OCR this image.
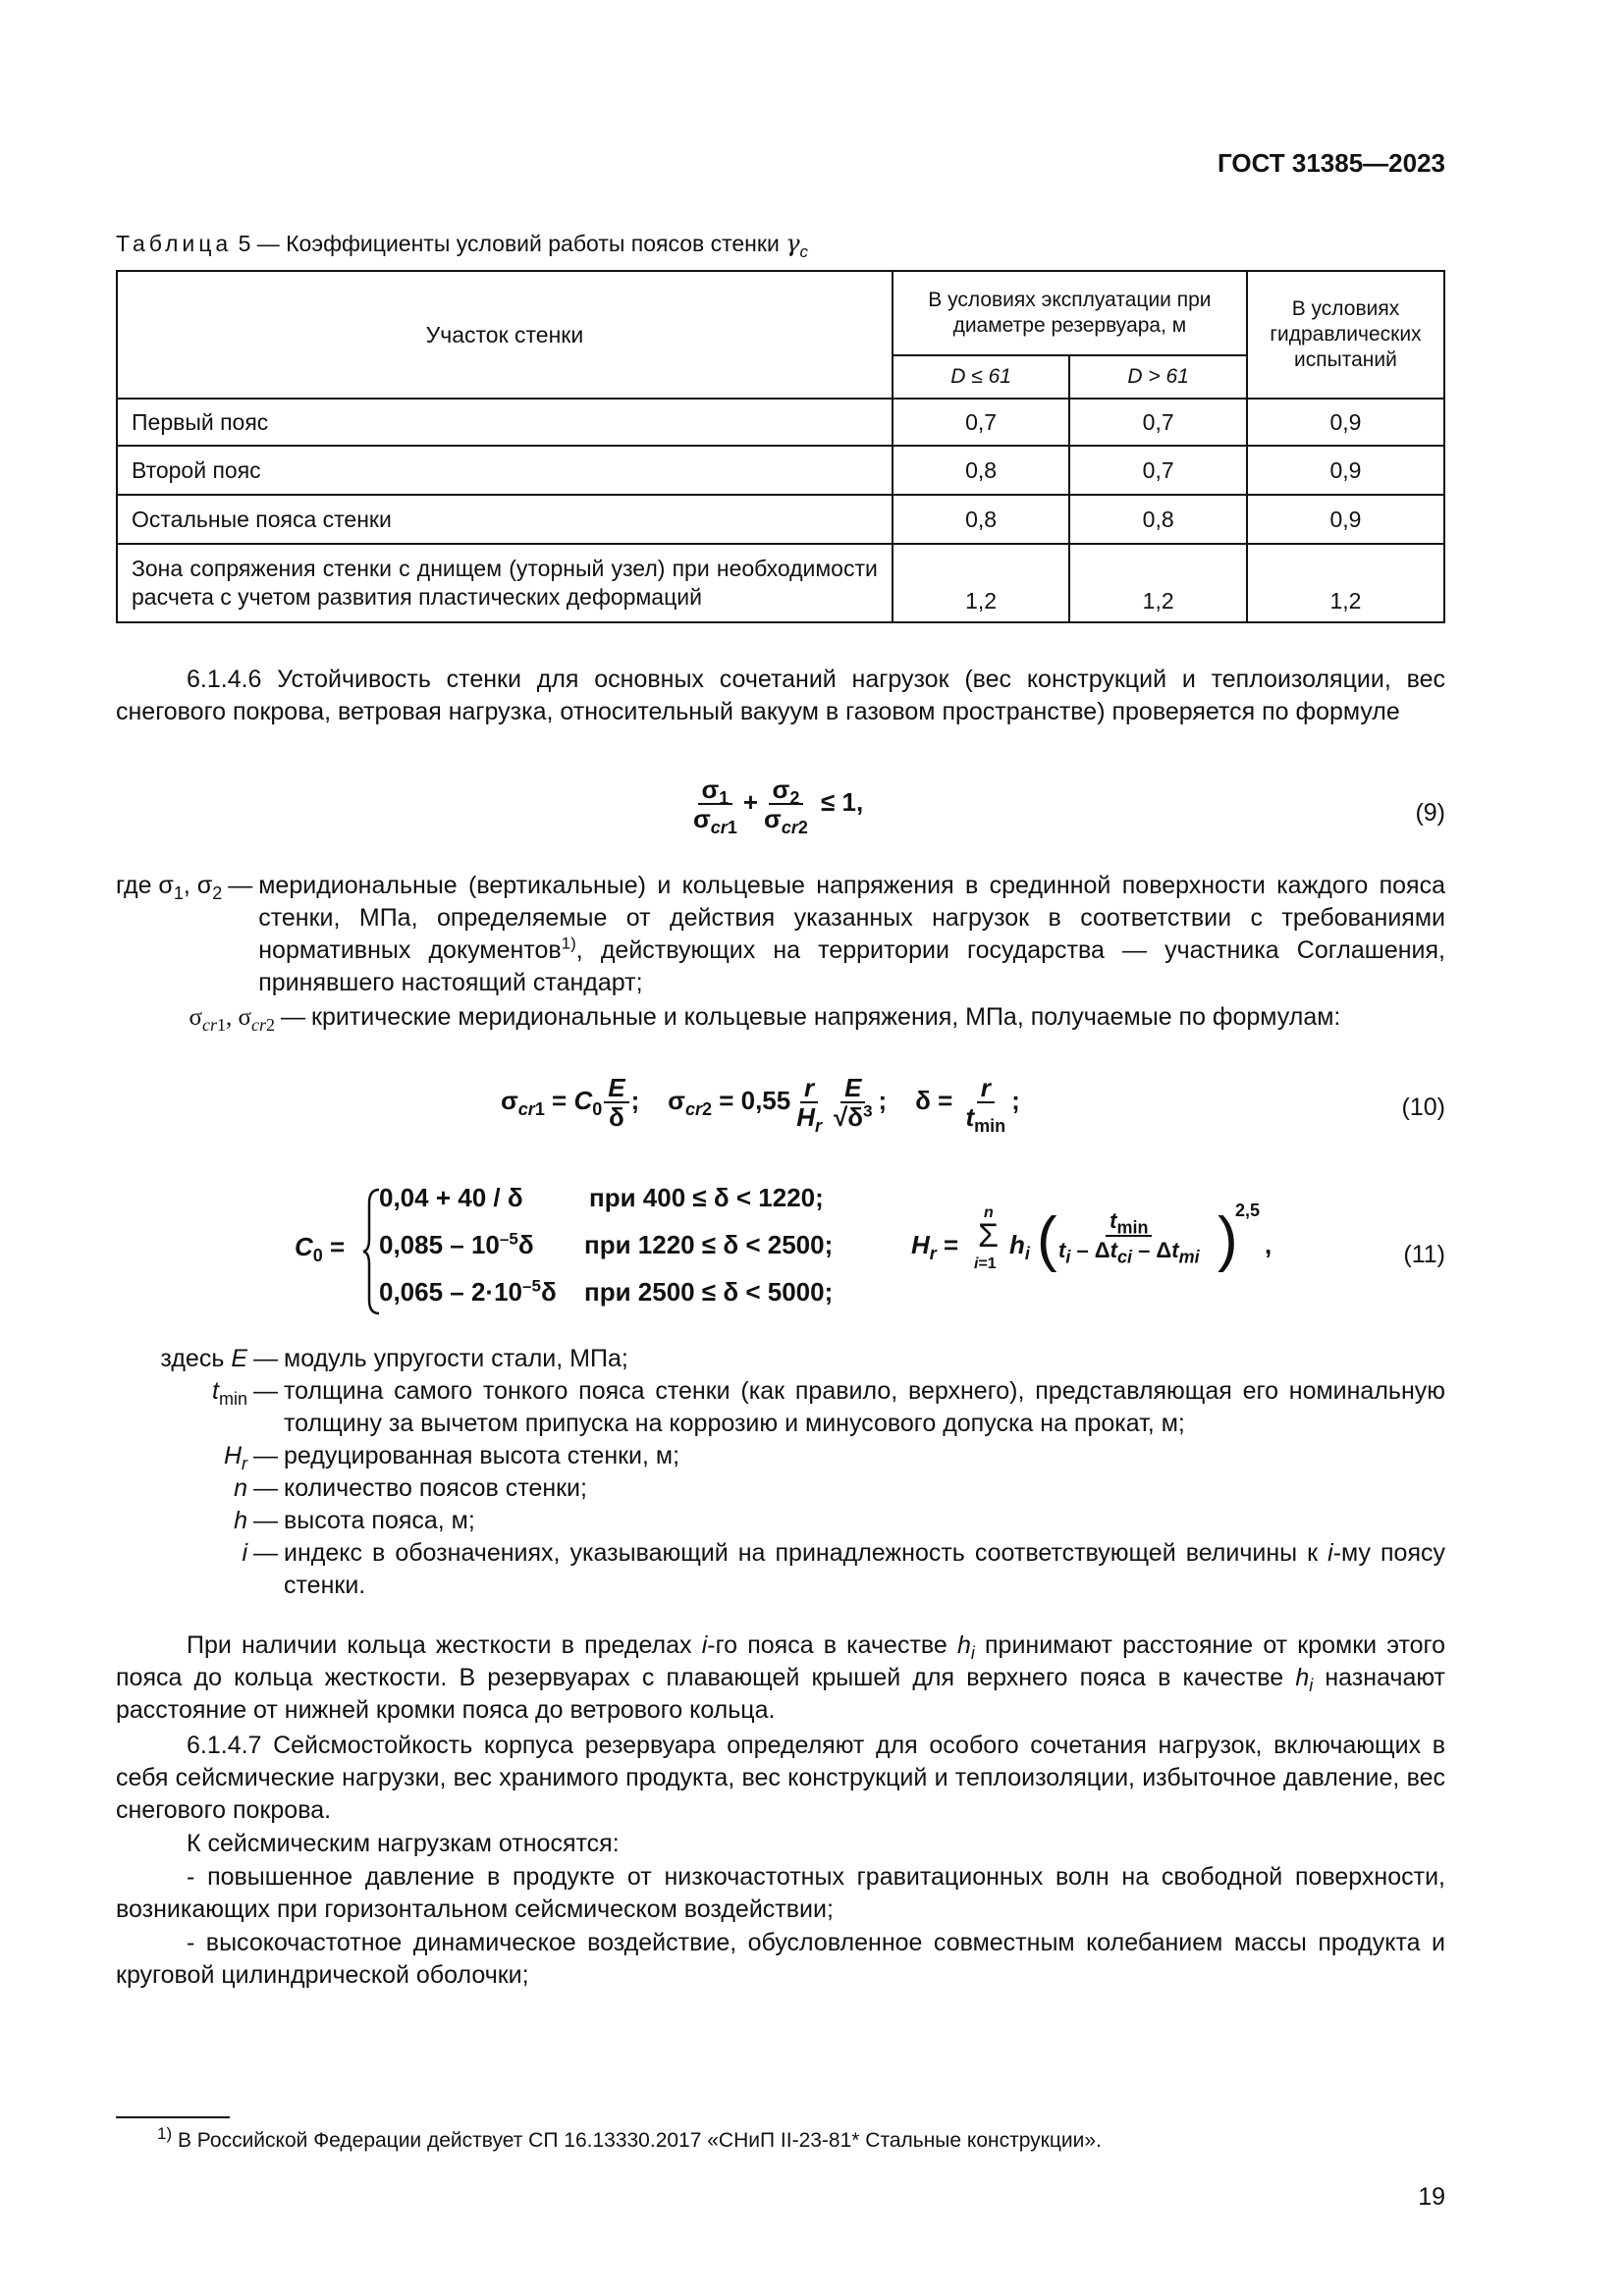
ГОСТ 31385—2023
Таблица 5 — Коэффициенты условий работы поясов стенки $\gamma_c$
Участок стенки	В условиях эксплуатации при диаметре резервуара, м		В условиях гидравлических испытаний
	D ≤ 61	D > 61	
Первый пояс	0,7	0,7	0,9
Второй пояс	0,8	0,7	0,9
Остальные пояса стенки	0,8	0,8	0,9
Зона сопряжения стенки с днищем (уторный узел) при необходимости расчета с учетом развития пластических деформаций	1,2	1,2	1,2
6.1.4.6 Устойчивость стенки для основных сочетаний нагрузок (вес конструкций и теплоизоляции, вес снегового покрова, ветровая нагрузка, относительный вакуум в газовом пространстве) проверяется по формуле
$\frac{\sigma_1}{\sigma_{cr1}} + \frac{\sigma_2}{\sigma_{cr2}} \le 1$,	(9)
где $\sigma_1$, $\sigma_2$ — меридиональные (вертикальные) и кольцевые напряжения в срединной поверхности каждого пояса стенки, МПа, определяемые от действия указанных нагрузок в соответствии с требованиями нормативных документов$^{1)}$, действующих на территории государства — участника Соглашения, принявшего настоящий стандарт;
$\sigma_{cr1}$, $\sigma_{cr2}$ — критические меридиональные и кольцевые напряжения, МПа, получаемые по формулам:
$\sigma_{cr1} = C_0 \frac{E}{\delta}$ ;    $\sigma_{cr2} = 0,55 \frac{r}{H_r} \frac{E}{√\delta^3}$ ;    $\delta = \frac{r}{t_{min}}$ ;	(10)
$C_0$ =
0,04 + 40 / δ	при 400 ≤ δ < 1220;
$0,085 - 10^{-5}\delta$ при 1220 ≤ δ < 2500;
$0,065 - 2\cdot 10^{-5}\delta$ при 2500 ≤ δ < 5000;
$H_r$ =
n
Σ
i=1
$h_i$ ( $t_{min}$
$t_i - \Delta t_{ci} - \Delta t_{mi}$ )
2,5
,	(11)
здесь E — модуль упругости стали, МПа;
$t_{min}$ — толщина самого тонкого пояса стенки (как правило, верхнего), представляющая его номинальную толщину за вычетом припуска на коррозию и минусового допуска на прокат, м;
$H_r$ — редуцированная высота стенки, м;
n — количество поясов стенки;
h — высота пояса, м;
i — индекс в обозначениях, указывающий на принадлежность соответствующей величины к i-му поясу стенки.
При наличии кольца жесткости в пределах i-го пояса в качестве $h_i$ принимают расстояние от кромки этого пояса до кольца жесткости. В резервуарах с плавающей крышей для верхнего пояса в качестве $h_i$ назначают расстояние от нижней кромки пояса до ветрового кольца.
6.1.4.7 Сейсмостойкость корпуса резервуара определяют для особого сочетания нагрузок, включающих в себя сейсмические нагрузки, вес хранимого продукта, вес конструкций и теплоизоляции, избыточное давление, вес снегового покрова.
К сейсмическим нагрузкам относятся:
- повышенное давление в продукте от низкочастотных гравитационных волн на свободной поверхности, возникающих при горизонтальном сейсмическом воздействии;
- высокочастотное динамическое воздействие, обусловленное совместным колебанием массы продукта и круговой цилиндрической оболочки;
$^{1)}$ В Российской Федерации действует СП 16.13330.2017 «СНиП II-23-81* Стальные конструкции».
19
